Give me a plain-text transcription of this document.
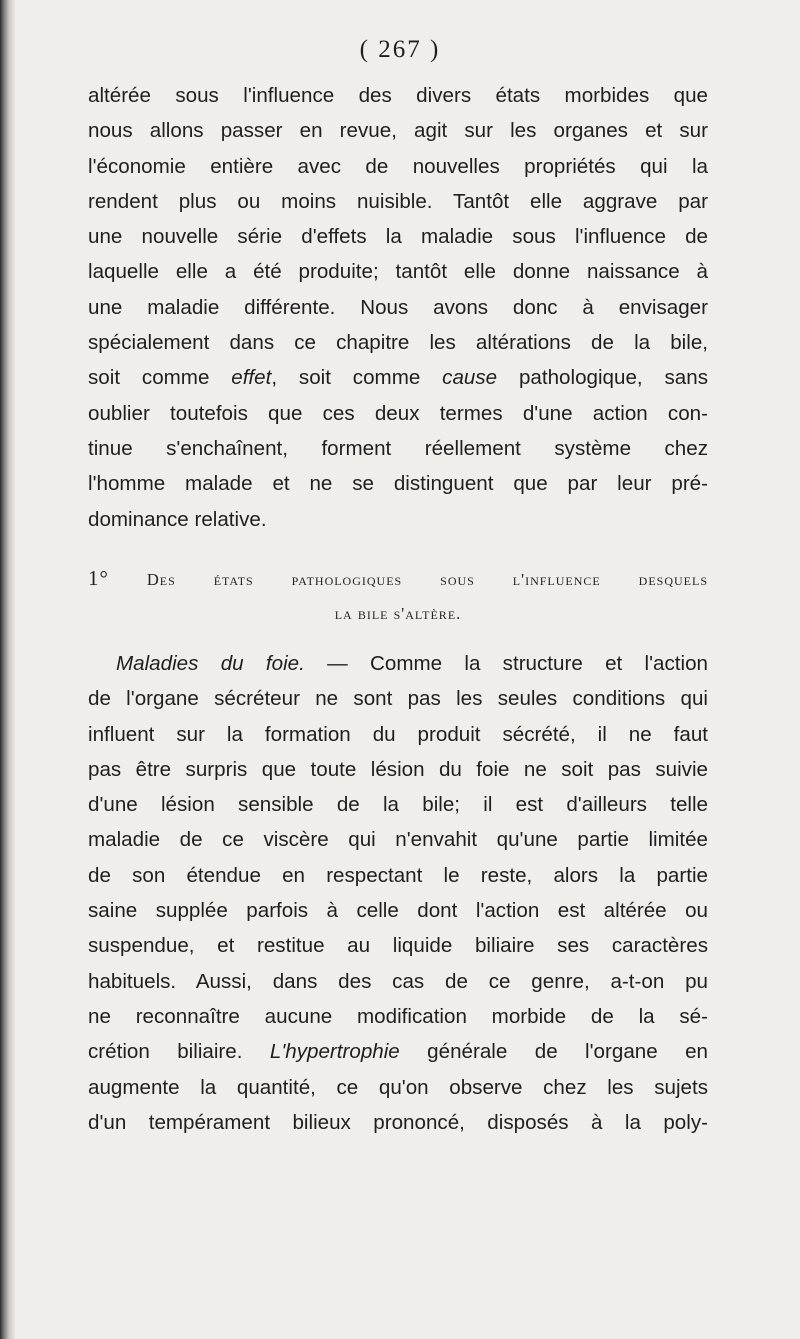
( 267 )
altérée sous l'influence des divers états morbides que
nous allons passer en revue, agit sur les organes et sur
l'économie entière avec de nouvelles propriétés qui la
rendent plus ou moins nuisible. Tantôt elle aggrave par
une nouvelle série d'effets la maladie sous l'influence de
laquelle elle a été produite; tantôt elle donne naissance à
une maladie différente. Nous avons donc à envisager
spécialement dans ce chapitre les altérations de la bile,
soit comme effet, soit comme cause pathologique, sans
oublier toutefois que ces deux termes d'une action con-
tinue s'enchaînent, forment réellement système chez
l'homme malade et ne se distinguent que par leur pré-
dominance relative.
1° Des états pathologiques sous l'influence desquels
la bile s'altère.
Maladies du foie. — Comme la structure et l'action
de l'organe sécréteur ne sont pas les seules conditions qui
influent sur la formation du produit sécrété, il ne faut
pas être surpris que toute lésion du foie ne soit pas suivie
d'une lésion sensible de la bile; il est d'ailleurs telle
maladie de ce viscère qui n'envahit qu'une partie limitée
de son étendue en respectant le reste, alors la partie
saine supplée parfois à celle dont l'action est altérée ou
suspendue, et restitue au liquide biliaire ses caractères
habituels. Aussi, dans des cas de ce genre, a-t-on pu
ne reconnaître aucune modification morbide de la sé-
crétion biliaire. L'hypertrophie générale de l'organe en
augmente la quantité, ce qu'on observe chez les sujets
d'un tempérament bilieux prononcé, disposés à la poly-
